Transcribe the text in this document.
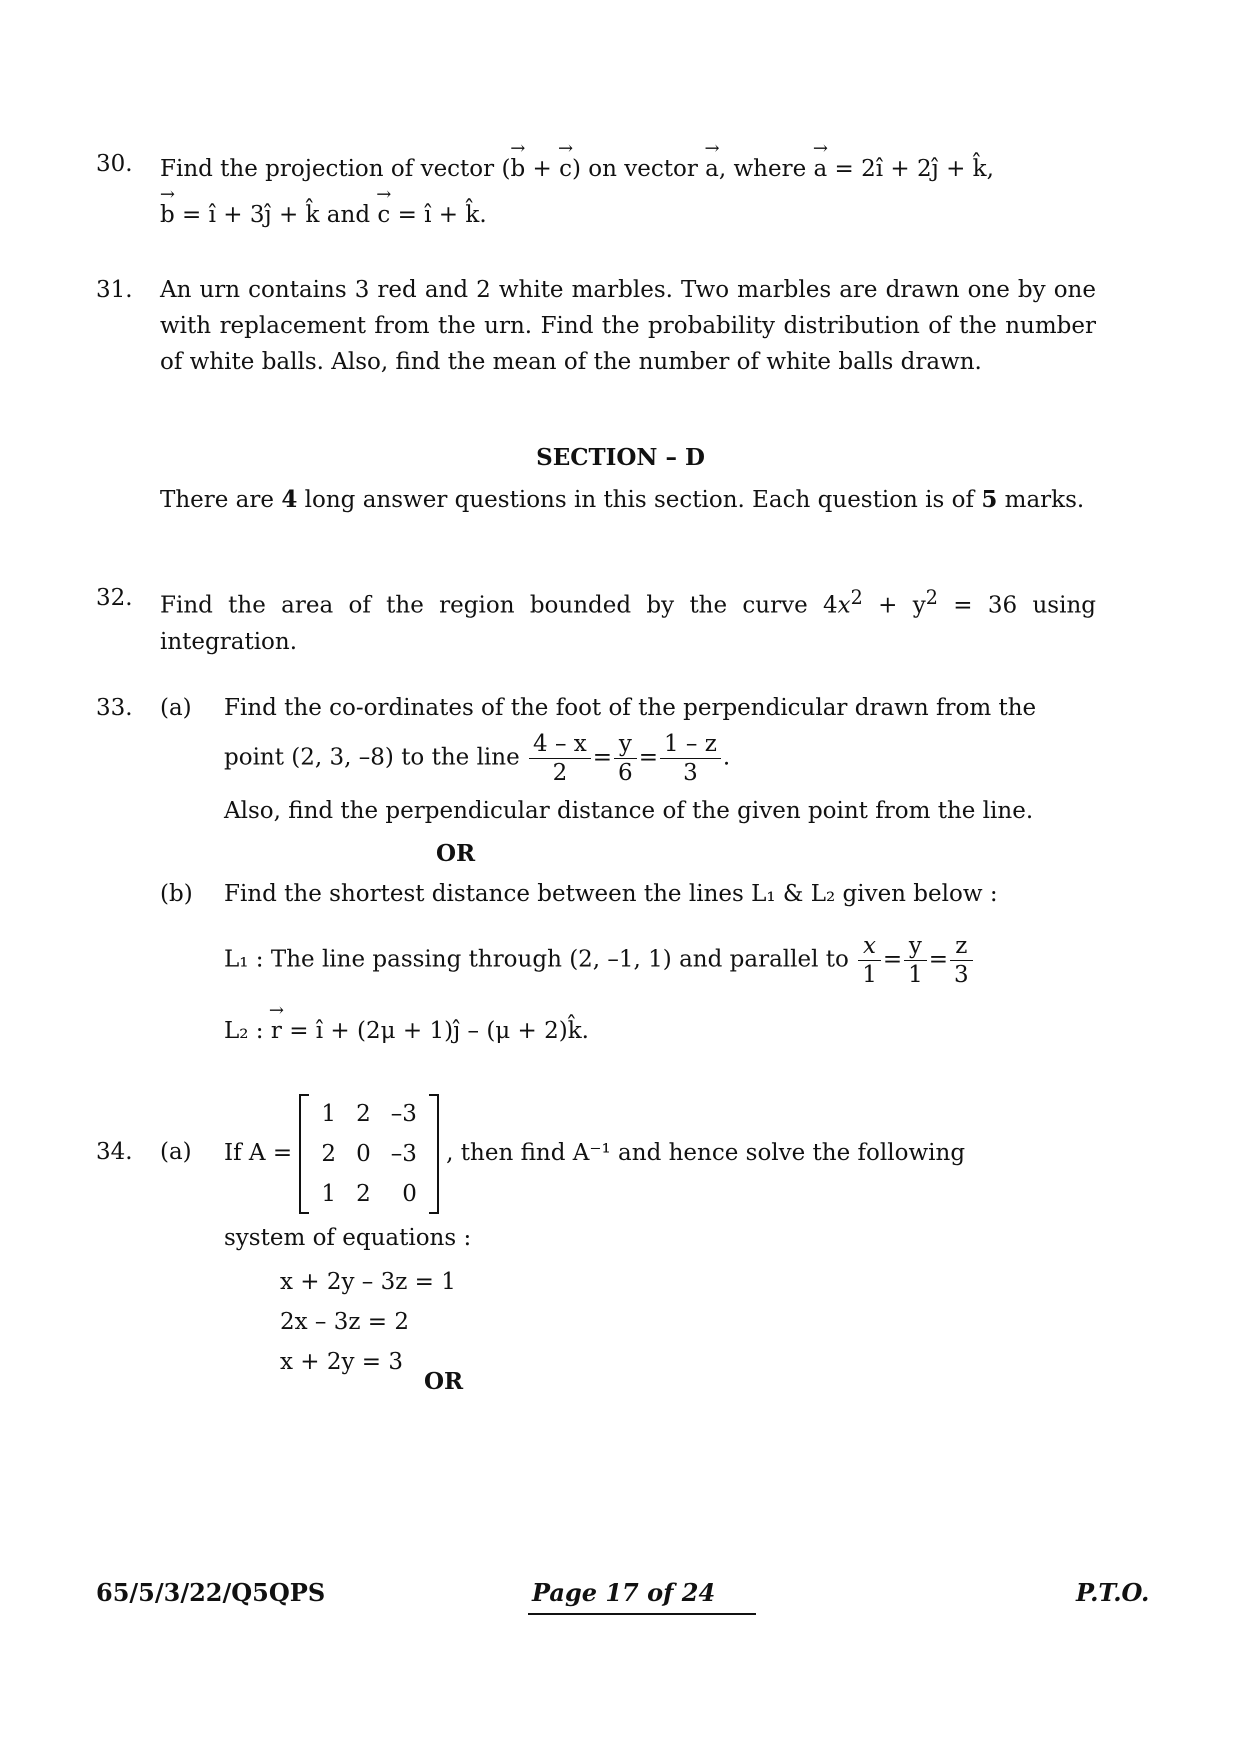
30. Find the projection of vector (→ b + → c) on vector → a, where → a = 2î + 2ĵ + k̂,
→ b = î + 3ĵ + k̂ and → c = î + k̂.
31. An urn contains 3 red and 2 white marbles. Two marbles are drawn one by one with replacement from the urn. Find the probability distribution of the number of white balls. Also, find the mean of the number of white balls drawn.
SECTION – D
There are 4 long answer questions in this section. Each question is of 5 marks.
32. Find the area of the region bounded by the curve $4x^2 + y^2 = 36$ using integration.
33. (a) Find the co-ordinates of the foot of the perpendicular drawn from the
point (2, 3, –8) to the line $\frac{4 - x}{2} = \frac{y}{6} = \frac{1 - z}{3}$ .
Also, find the perpendicular distance of the given point from the line.
OR
(b) Find the shortest distance between the lines L₁ & L₂ given below :
L₁ : The line passing through (2, –1, 1) and parallel to $\frac{x}{1} = \frac{y}{1} = \frac{z}{3}$
L₂ : → r = î + (2μ + 1)ĵ – (μ + 2)k̂.
34. (a) If A =
1	2	–3
2	0	–3
1	2	0
, then find A⁻¹ and hence solve the following
system of equations :
x + 2y – 3z = 1
2x – 3z = 2
x + 2y = 3
OR
65/5/3/22/Q5QPS	Page 17 of 24	P.T.O.
